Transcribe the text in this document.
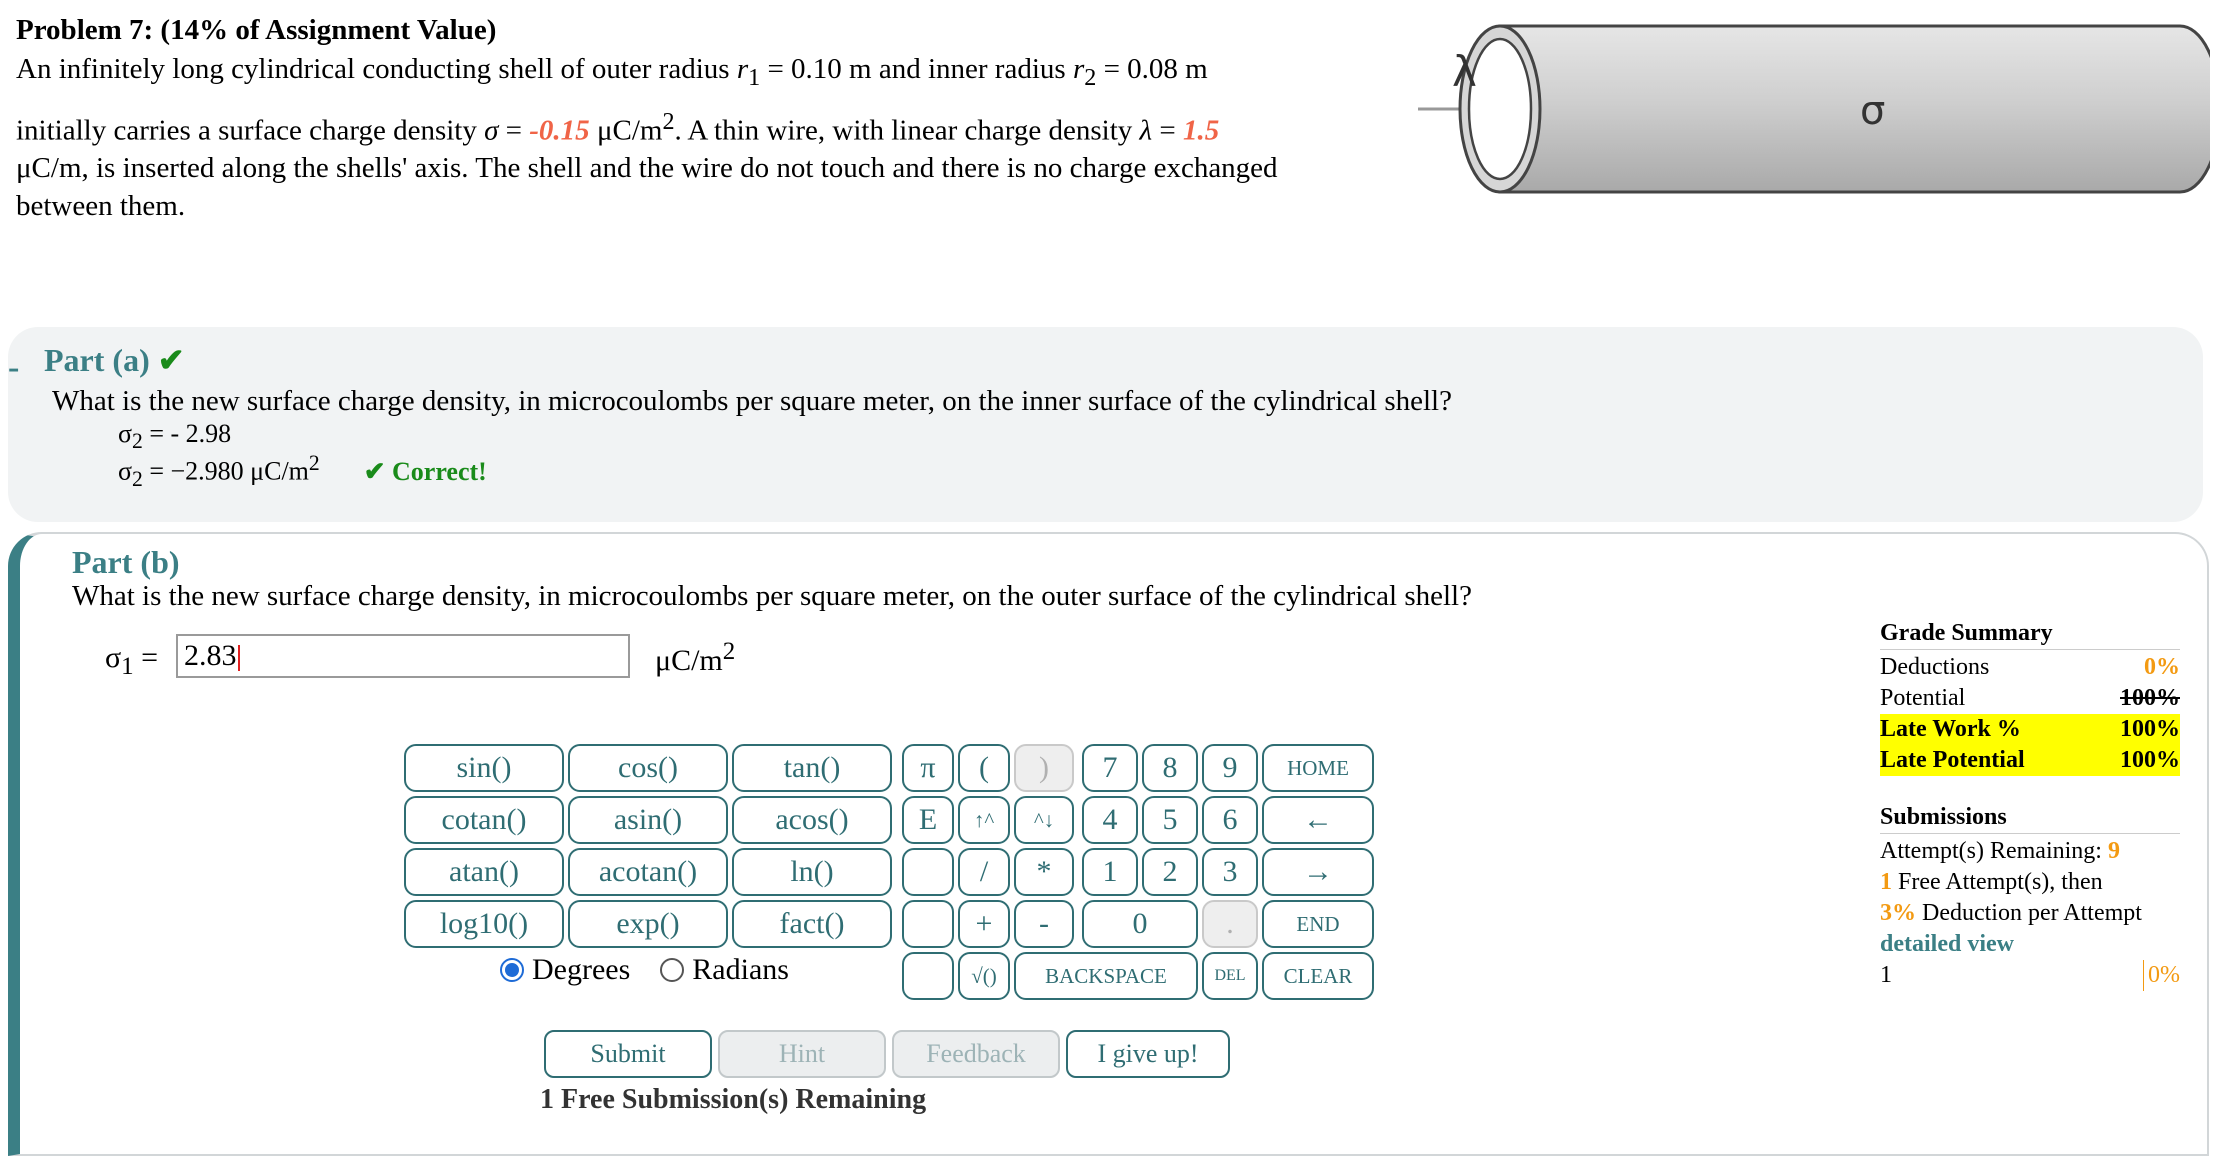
Problem 7: (14% of Assignment Value)
An infinitely long cylindrical conducting shell of outer radius $r_1 = 0.10$ m and inner radius $r_2 = 0.08$ m
initially carries a surface charge density σ = -0.15 $\mu C/m^2$. A thin wire, with linear charge density λ = 1.5
μC/m, is inserted along the shells' axis. The shell and the wire do not touch and there is no charge exchanged between them.
λ
σ
- Part (a) ✔
What is the new surface charge density, in microcoulombs per square meter, on the inner surface of the cylindrical shell?
$\sigma_2$ = - 2.98
$\sigma_2 = -2.980$ $\mu C/m^2$ ✔ Correct!
Part (b)
What is the new surface charge density, in microcoulombs per square meter, on the outer surface of the cylindrical shell?
$\sigma_1 = 2.83$	$\mu C/m^2$
sin()	cos()	tan()
cotan()	asin()	acos()
atan()	acotan()	ln()
log10()	exp()	fact()
π	(	)	7	8	9	HOME
E	↑^	^↓	4	5	6	←
/	*	1	2	3	→
+	-	0	.	END
√()	BACKSPACE	DEL	CLEAR
Degrees Radians
Submit	Hint	Feedback	I give up!
1 Free Submission(s) Remaining
Grade Summary
Deductions	0%
Potential	100%
Late Work %	100%
Late Potential	100%
Submissions
Attempt(s) Remaining: 9
1 Free Attempt(s), then
3% Deduction per Attempt
detailed view
1	0%
